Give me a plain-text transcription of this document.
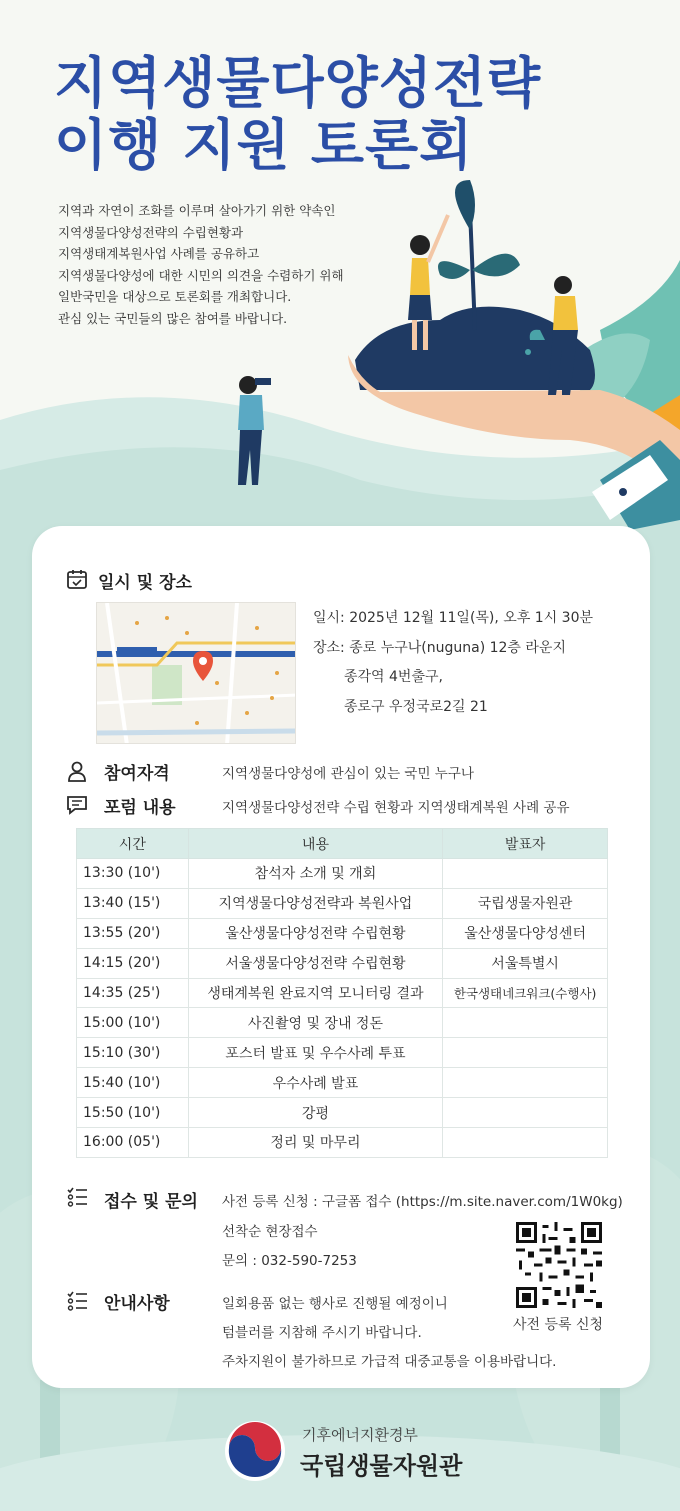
지역생물다양성전략
이행 지원 토론회
지역과 자연이 조화를 이루며 살아가기 위한 약속인
지역생물다양성전략의 수립현황과
지역생태계복원사업 사례를 공유하고
지역생물다양성에 대한 시민의 의견을 수렴하기 위해
일반국민을 대상으로 토론회를 개최합니다.
관심 있는 국민들의 많은 참여를 바랍니다.
일시 및 장소
일시: 2025년 12월 11일(목), 오후 1시 30분
장소: 종로 누구나(nuguna) 12층 라운지
종각역 4번출구,
종로구 우정국로2길 21
참여자격	지역생물다양성에 관심이 있는 국민 누구나
포럼 내용	지역생물다양성전략 수립 현황과 지역생태계복원 사례 공유
시간	내용	발표자
13:30 (10')	참석자 소개 및 개회	
13:40 (15')	지역생물다양성전략과 복원사업	국립생물자원관
13:55 (20')	울산생물다양성전략 수립현황	울산생물다양성센터
14:15 (20')	서울생물다양성전략 수립현황	서울특별시
14:35 (25')	생태계복원 완료지역 모니터링 결과	한국생태네크워크(수행사)
15:00 (10')	사진촬영 및 장내 정돈	
15:10 (30')	포스터 발표 및 우수사례 투표	
15:40 (10')	우수사례 발표	
15:50 (10')	강평	
16:00 (05')	정리 및 마무리	
접수 및 문의 사전 등록 신청 : 구글폼 접수 (https://m.site.naver.com/1W0kg)
선착순 현장접수
문의 : 032-590-7253
사전 등록 신청
안내사항	일회용품 없는 행사로 진행될 예정이니
텀블러를 지참해 주시기 바랍니다.
주차지원이 불가하므로 가급적 대중교통을 이용바랍니다.
기후에너지환경부
국립생물자원관
